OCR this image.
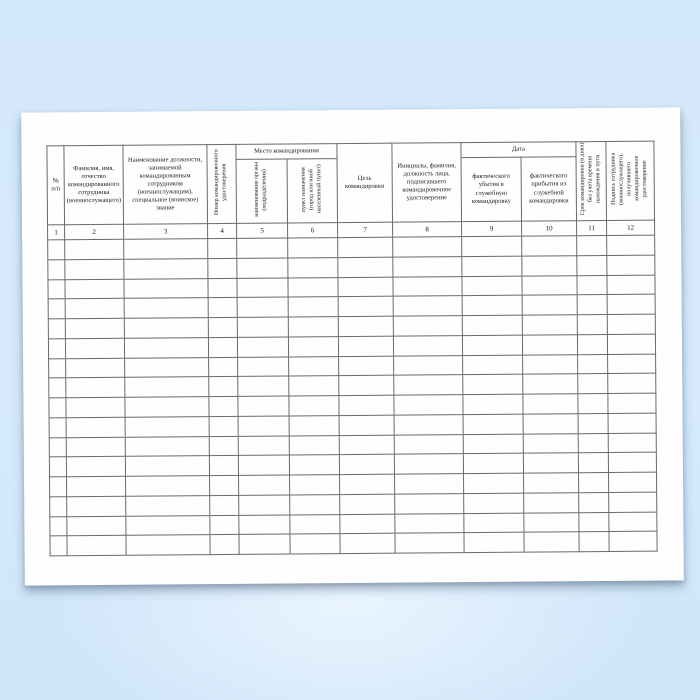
№ п/п	Фамилия, имя, отчество командированного сотрудника (военнослужащего)	Наименование должности, занимаемой командированным сотрудником (военнослужащим), специальное (воинское) звание	Номер командировочного удостоверения	Место командирования		Цель командировки	Инициалы, фамилия, должность лица, подписавшего командировочное удостоверение	Дата		Срок командировки (в днях) без учета времени нахождения в пути	Подпись сотрудника (военнослужащего), получившего командировочное удостоверение
				наименование органа (подразделения)	пункт назначения (город или иной населенный пункт)			фактического убытия в служебную командировку	фактического прибытия из служебной командировки		

1	2	3	4	5	6	7	8	9	10	11	12
